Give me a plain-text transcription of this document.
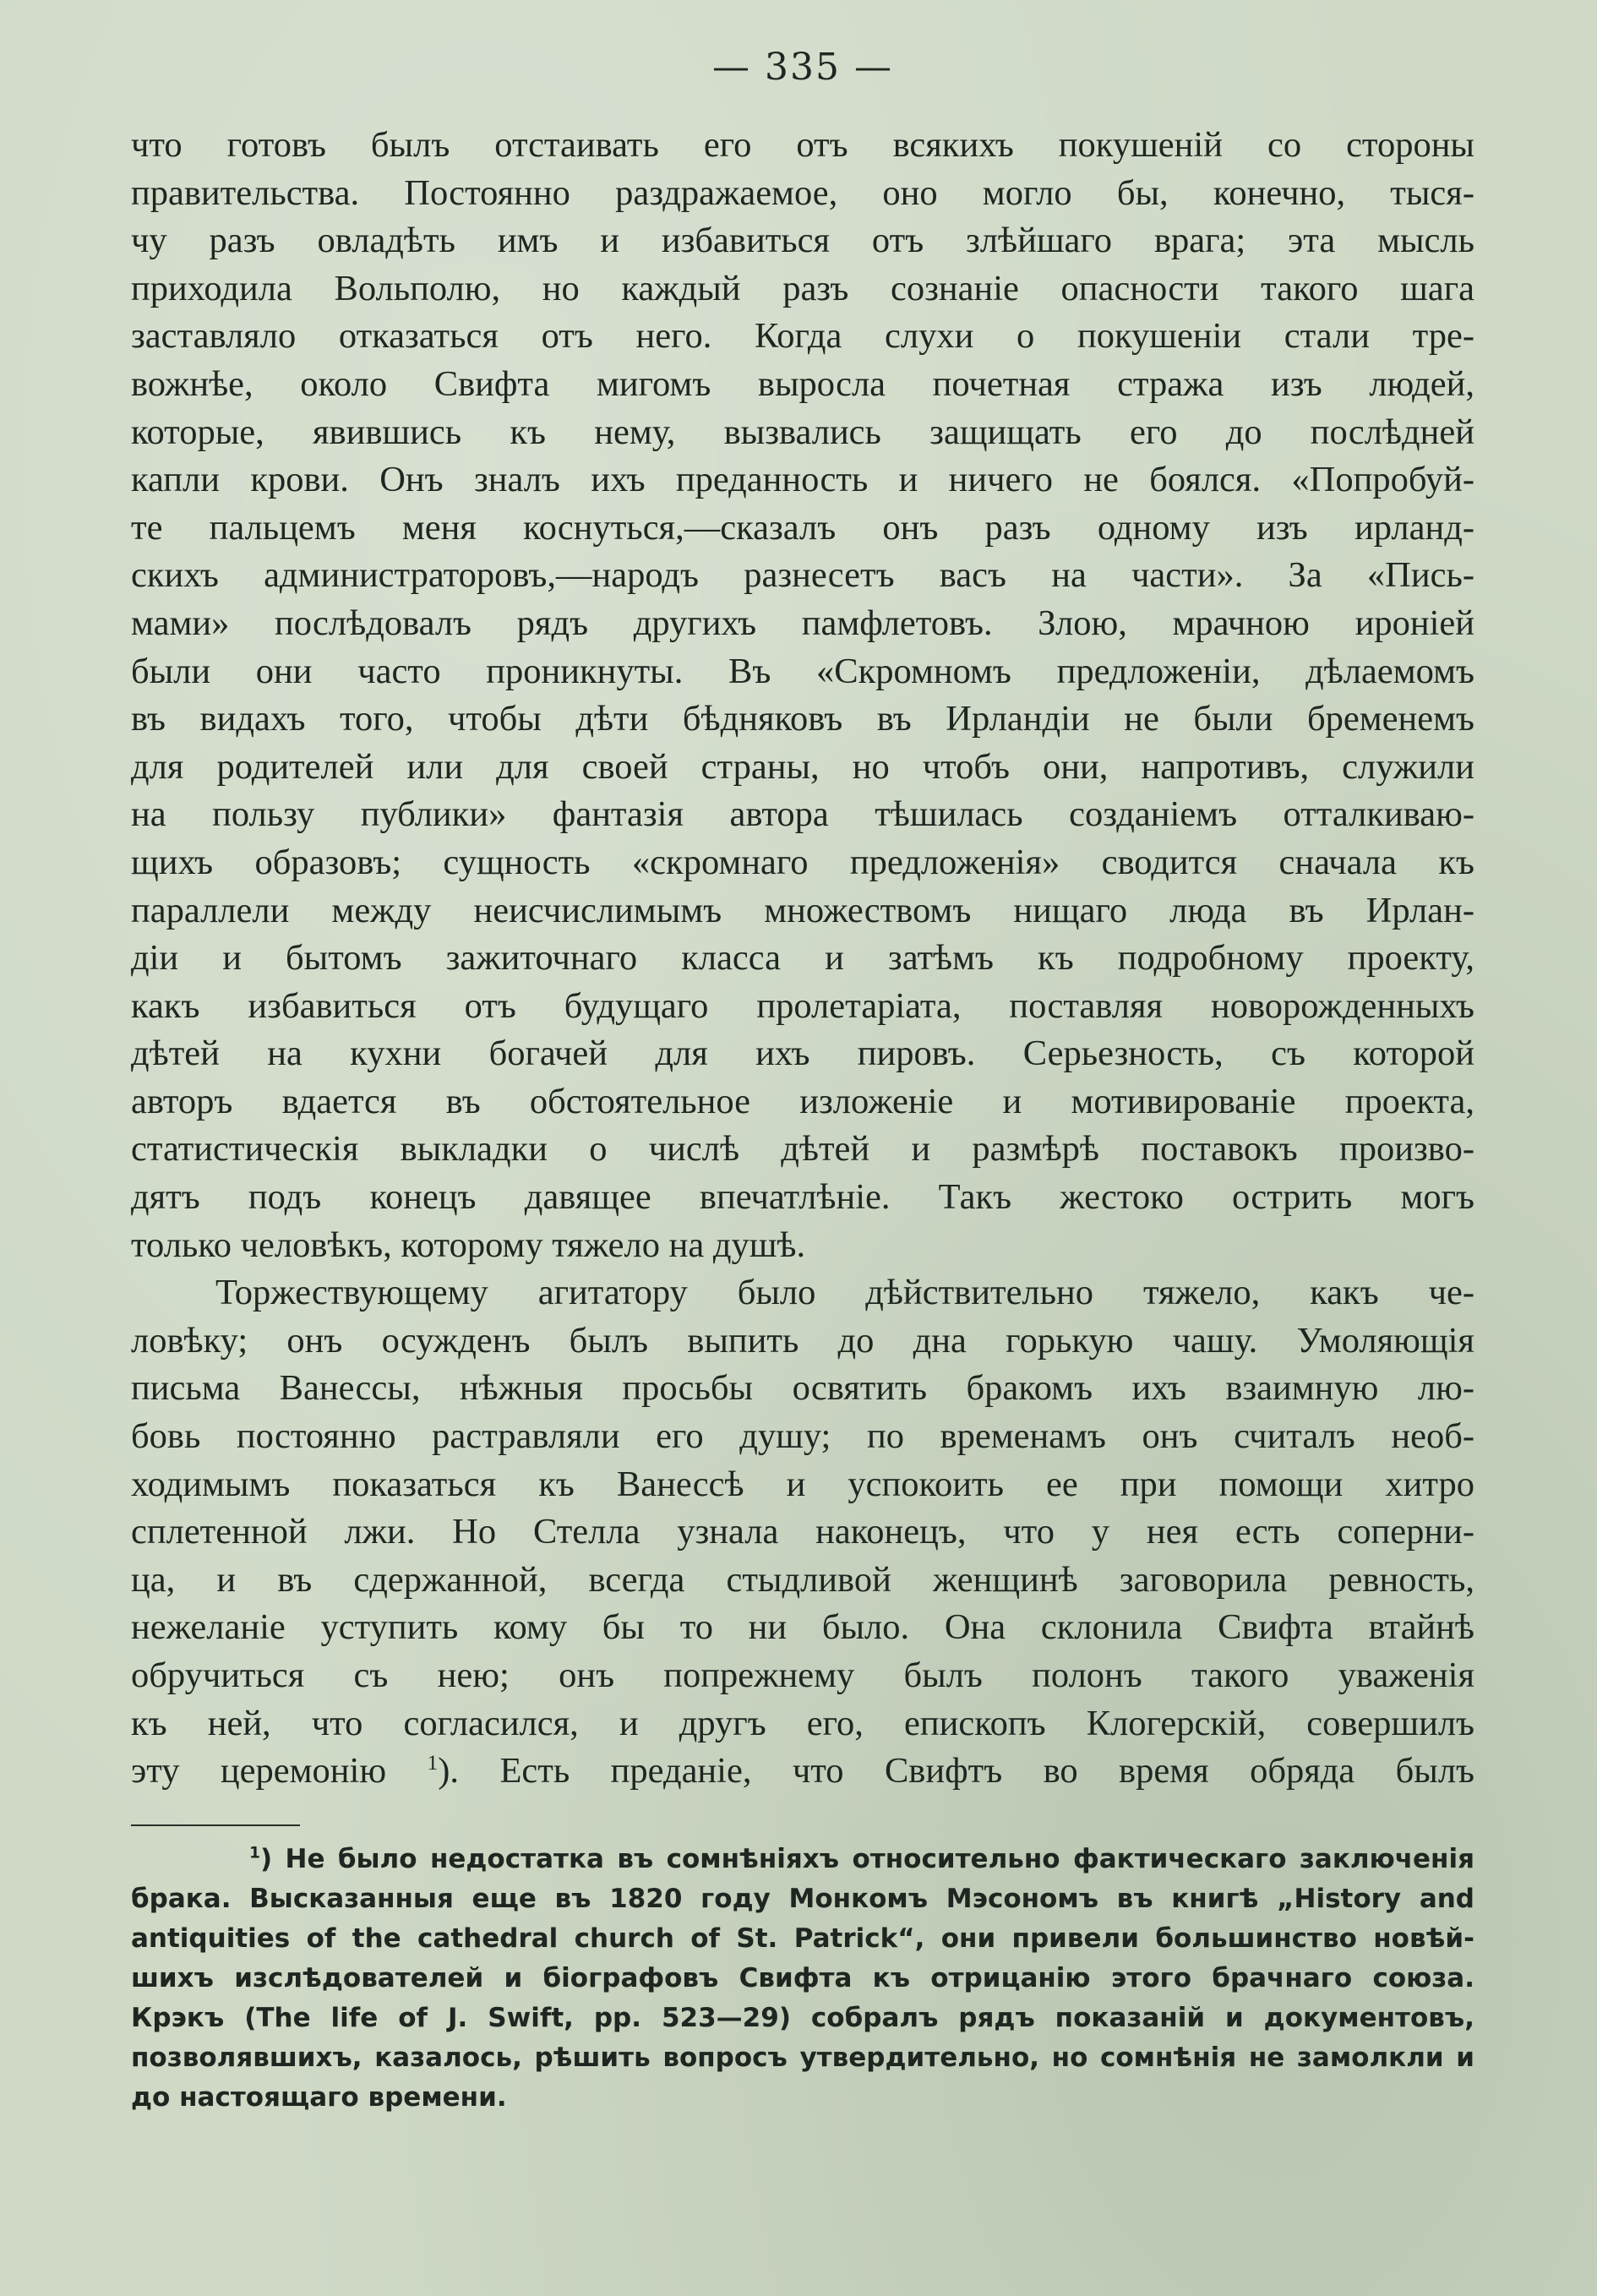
— 335 —
что готовъ былъ отстаивать его отъ всякихъ покушеній со стороны
правительства. Постоянно раздражаемое, оно могло бы, конечно, тыся-
чу разъ овладѣть имъ и избавиться отъ злѣйшаго врага; эта мысль
приходила Вольполю, но каждый разъ сознаніе опасности такого шага
заставляло отказаться отъ него. Когда слухи о покушеніи стали тре-
вожнѣе, около Свифта мигомъ выросла почетная стража изъ людей,
которые, явившись къ нему, вызвались защищать его до послѣдней
капли крови. Онъ зналъ ихъ преданность и ничего не боялся. «Попробуй-
те пальцемъ меня коснуться,—сказалъ онъ разъ одному изъ ирланд-
скихъ администраторовъ,—народъ разнесетъ васъ на части». За «Пись-
мами» послѣдовалъ рядъ другихъ памфлетовъ. Злою, мрачною иронiей
были они часто проникнуты. Въ «Скромномъ предложеніи, дѣлаемомъ
въ видахъ того, чтобы дѣти бѣдняковъ въ Ирландіи не были бременемъ
для родителей или для своей страны, но чтобъ они, напротивъ, служили
на пользу публики» фантазія автора тѣшилась созданіемъ отталкиваю-
щихъ образовъ; сущность «скромнаго предложенія» сводится сначала къ
параллели между неисчислимымъ множествомъ нищаго люда въ Ирлан-
діи и бытомъ зажиточнаго класса и затѣмъ къ подробному проекту,
какъ избавиться отъ будущаго пролетаріата, поставляя новорожденныхъ
дѣтей на кухни богачей для ихъ пировъ. Серьезность, съ которой
авторъ вдается въ обстоятельное изложеніе и мотивированіе проекта,
статистическія выкладки о числѣ дѣтей и размѣрѣ поставокъ произво-
дятъ подъ конецъ давящее впечатлѣніе. Такъ жестоко острить могъ
только человѣкъ, которому тяжело на душѣ.
Торжествующему агитатору было дѣйствительно тяжело, какъ че-
ловѣку; онъ осужденъ былъ выпить до дна горькую чашу. Умоляющія
письма Ванессы, нѣжныя просьбы освятить бракомъ ихъ взаимную лю-
бовь постоянно растравляли его душу; по временамъ онъ считалъ необ-
ходимымъ показаться къ Ванессѣ и успокоить ее при помощи хитро
сплетенной лжи. Но Стелла узнала наконецъ, что у нея есть соперни-
ца, и въ сдержанной, всегда стыдливой женщинѣ заговорила ревность,
нежеланіе уступить кому бы то ни было. Она склонила Свифта втайнѣ
обручиться съ нею; онъ попрежнему былъ полонъ такого уваженія
къ ней, что согласился, и другъ его, епископъ Клогерскій, совершилъ
эту церемонію $^1$). Есть преданіе, что Свифтъ во время обряда былъ
$^1$) Не было недостатка въ сомнѣніяхъ относительно фактическаго заключенія
брака. Высказанныя еще въ 1820 году Монкомъ Мэсономъ въ книгѣ „History and
antiquities of the cathedral church of St. Patrick“, они привели большинство новѣй-
шихъ изслѣдователей и біографовъ Свифта къ отрицанію этого брачнаго союза.
Крэкъ (The life of J. Swift, pp. 523—29) собралъ рядъ показаній и документовъ,
позволявшихъ, казалось, рѣшить вопросъ утвердительно, но сомнѣнія не замолкли и
до настоящаго времени.
